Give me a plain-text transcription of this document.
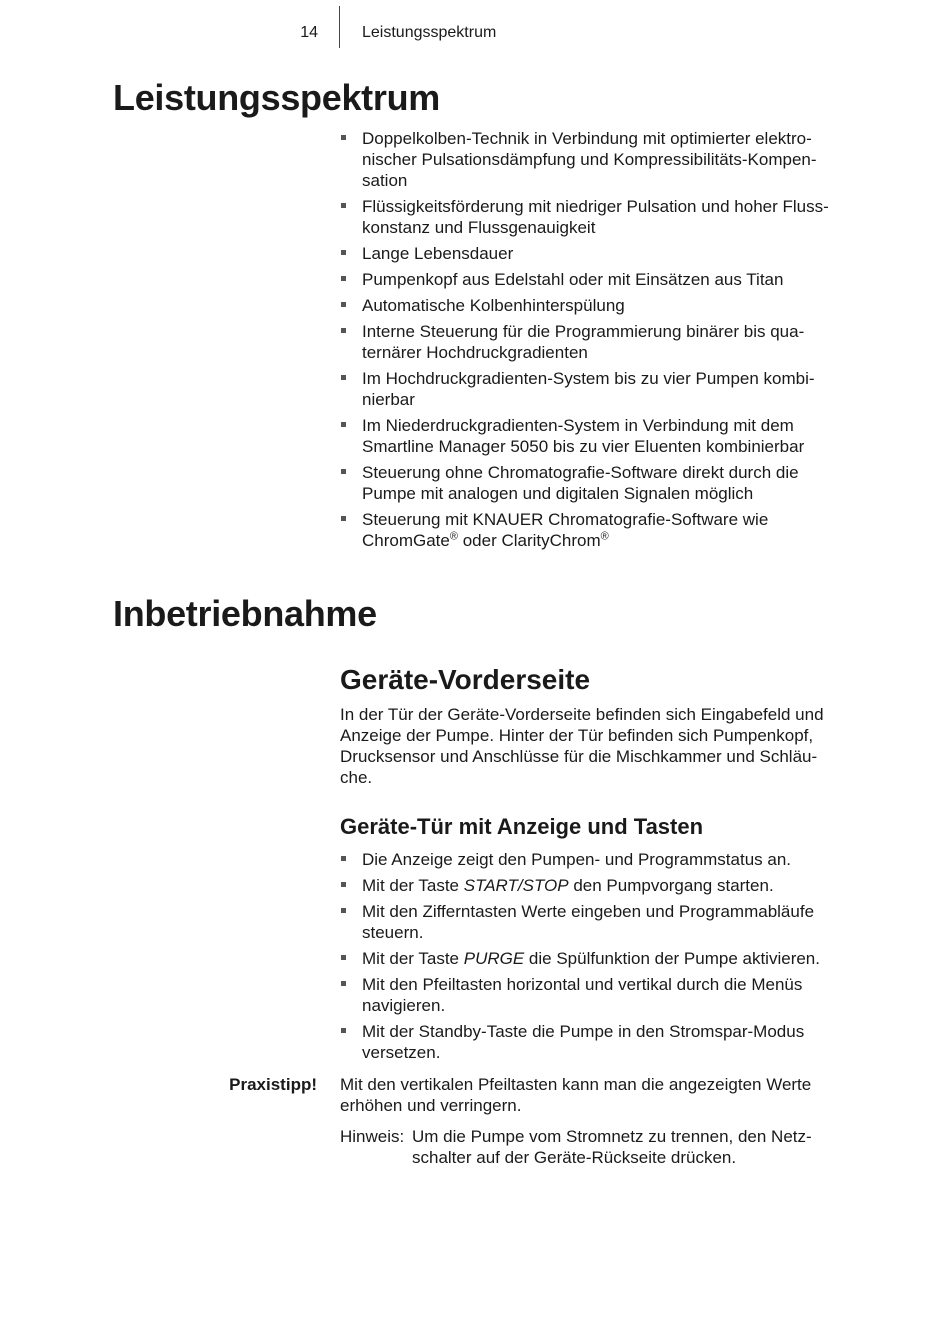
14	Leistungsspektrum
Leistungsspektrum
Doppelkolben-Technik in Verbindung mit optimierter elektro-nischer Pulsationsdämpfung und Kompressibilitäts-Kompen-sation
Flüssigkeitsförderung mit niedriger Pulsation und hoher Fluss-konstanz und Flussgenauigkeit
Lange Lebensdauer
Pumpenkopf aus Edelstahl oder mit Einsätzen aus Titan
Automatische Kolbenhinterspülung
Interne Steuerung für die Programmierung binärer bis qua-ternärer Hochdruckgradienten
Im Hochdruckgradienten-System bis zu vier Pumpen kombi-nierbar
Im Niederdruckgradienten-System in Verbindung mit dem Smartline Manager 5050 bis zu vier Eluenten kombinierbar
Steuerung ohne Chromatografie-Software direkt durch die Pumpe mit analogen und digitalen Signalen möglich
Steuerung mit KNAUER Chromatografie-Software wie ChromGate® oder ClarityChrom®
Inbetriebnahme
Geräte-Vorderseite

In der Tür der Geräte-Vorderseite befinden sich Eingabefeld und Anzeige der Pumpe. Hinter der Tür befinden sich Pumpenkopf, Drucksensor und Anschlüsse für die Mischkammer und Schläu-che.

Geräte-Tür mit Anzeige und Tasten
Die Anzeige zeigt den Pumpen- und Programmstatus an.
Mit der Taste START/STOP den Pumpvorgang starten.
Mit den Zifferntasten Werte eingeben und Programmabläufe steuern.
Mit der Taste PURGE die Spülfunktion der Pumpe aktivieren.
Mit den Pfeiltasten horizontal und vertikal durch die Menüs navigieren.
Mit der Standby-Taste die Pumpe in den Stromspar-Modus versetzen.
Praxistipp! Mit den vertikalen Pfeiltasten kann man die angezeigten Werte erhöhen und verringern.

Hinweis: Um die Pumpe vom Stromnetz zu trennen, den Netz-schalter auf der Geräte-Rückseite drücken.
